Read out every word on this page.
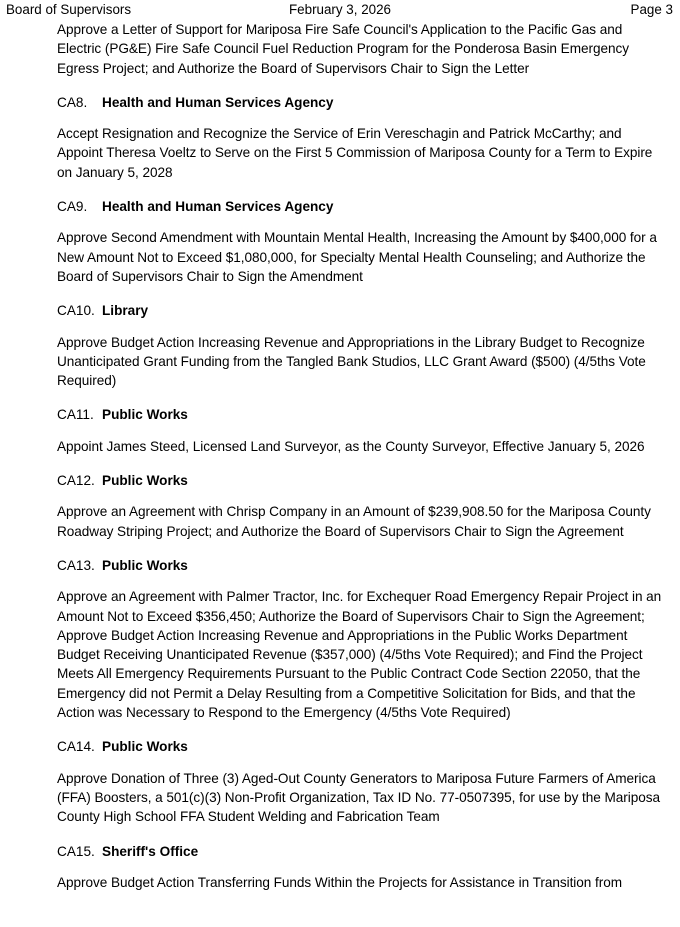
Board of Supervisors	February 3, 2026	Page 3

Approve a Letter of Support for Mariposa Fire Safe Council's Application to the Pacific Gas and Electric (PG&E) Fire Safe Council Fuel Reduction Program for the Ponderosa Basin Emergency Egress Project; and Authorize the Board of Supervisors Chair to Sign the Letter

CA8.	Health and Human Services Agency

Accept Resignation and Recognize the Service of Erin Vereschagin and Patrick McCarthy; and Appoint Theresa Voeltz to Serve on the First 5 Commission of Mariposa County for a Term to Expire on January 5, 2028

CA9.	Health and Human Services Agency

Approve Second Amendment with Mountain Mental Health, Increasing the Amount by $400,000 for a New Amount Not to Exceed $1,080,000, for Specialty Mental Health Counseling; and Authorize the Board of Supervisors Chair to Sign the Amendment

CA10. Library

Approve Budget Action Increasing Revenue and Appropriations in the Library Budget to Recognize Unanticipated Grant Funding from the Tangled Bank Studios, LLC Grant Award ($500) (4/5ths Vote Required)

CA11. Public Works

Appoint James Steed, Licensed Land Surveyor, as the County Surveyor, Effective January 5, 2026

CA12. Public Works

Approve an Agreement with Chrisp Company in an Amount of $239,908.50 for the Mariposa County Roadway Striping Project; and Authorize the Board of Supervisors Chair to Sign the Agreement

CA13. Public Works

Approve an Agreement with Palmer Tractor, Inc. for Exchequer Road Emergency Repair Project in an Amount Not to Exceed $356,450; Authorize the Board of Supervisors Chair to Sign the Agreement; Approve Budget Action Increasing Revenue and Appropriations in the Public Works Department Budget Receiving Unanticipated Revenue ($357,000) (4/5ths Vote Required); and Find the Project Meets All Emergency Requirements Pursuant to the Public Contract Code Section 22050, that the Emergency did not Permit a Delay Resulting from a Competitive Solicitation for Bids, and that the Action was Necessary to Respond to the Emergency (4/5ths Vote Required)

CA14. Public Works

Approve Donation of Three (3) Aged-Out County Generators to Mariposa Future Farmers of America (FFA) Boosters, a 501(c)(3) Non-Profit Organization, Tax ID No. 77-0507395, for use by the Mariposa County High School FFA Student Welding and Fabrication Team

CA15. Sheriff's Office

Approve Budget Action Transferring Funds Within the Projects for Assistance in Transition from
